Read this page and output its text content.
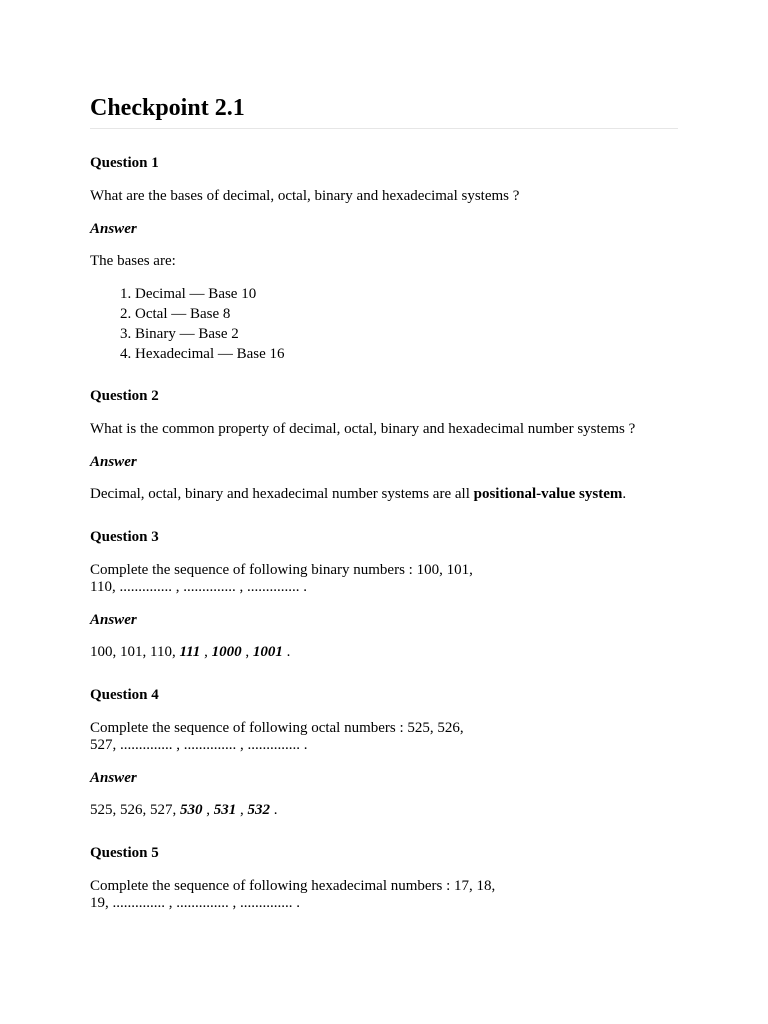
Checkpoint 2.1
Question 1

What are the bases of decimal, octal, binary and hexadecimal systems ?

Answer

The bases are:

1. Decimal — Base 10
2. Octal — Base 8
3. Binary — Base 2
4. Hexadecimal — Base 16
Question 2

What is the common property of decimal, octal, binary and hexadecimal number systems ?

Answer

Decimal, octal, binary and hexadecimal number systems are all positional-value system.

Question 3

Complete the sequence of following binary numbers : 100, 101,
110, .............. , .............. , .............. .

Answer

100, 101, 110, 111 , 1000 , 1001 .

Question 4

Complete the sequence of following octal numbers : 525, 526,
527, .............. , .............. , .............. .

Answer

525, 526, 527, 530 , 531 , 532 .

Question 5

Complete the sequence of following hexadecimal numbers : 17, 18,
19, .............. , .............. , .............. .
